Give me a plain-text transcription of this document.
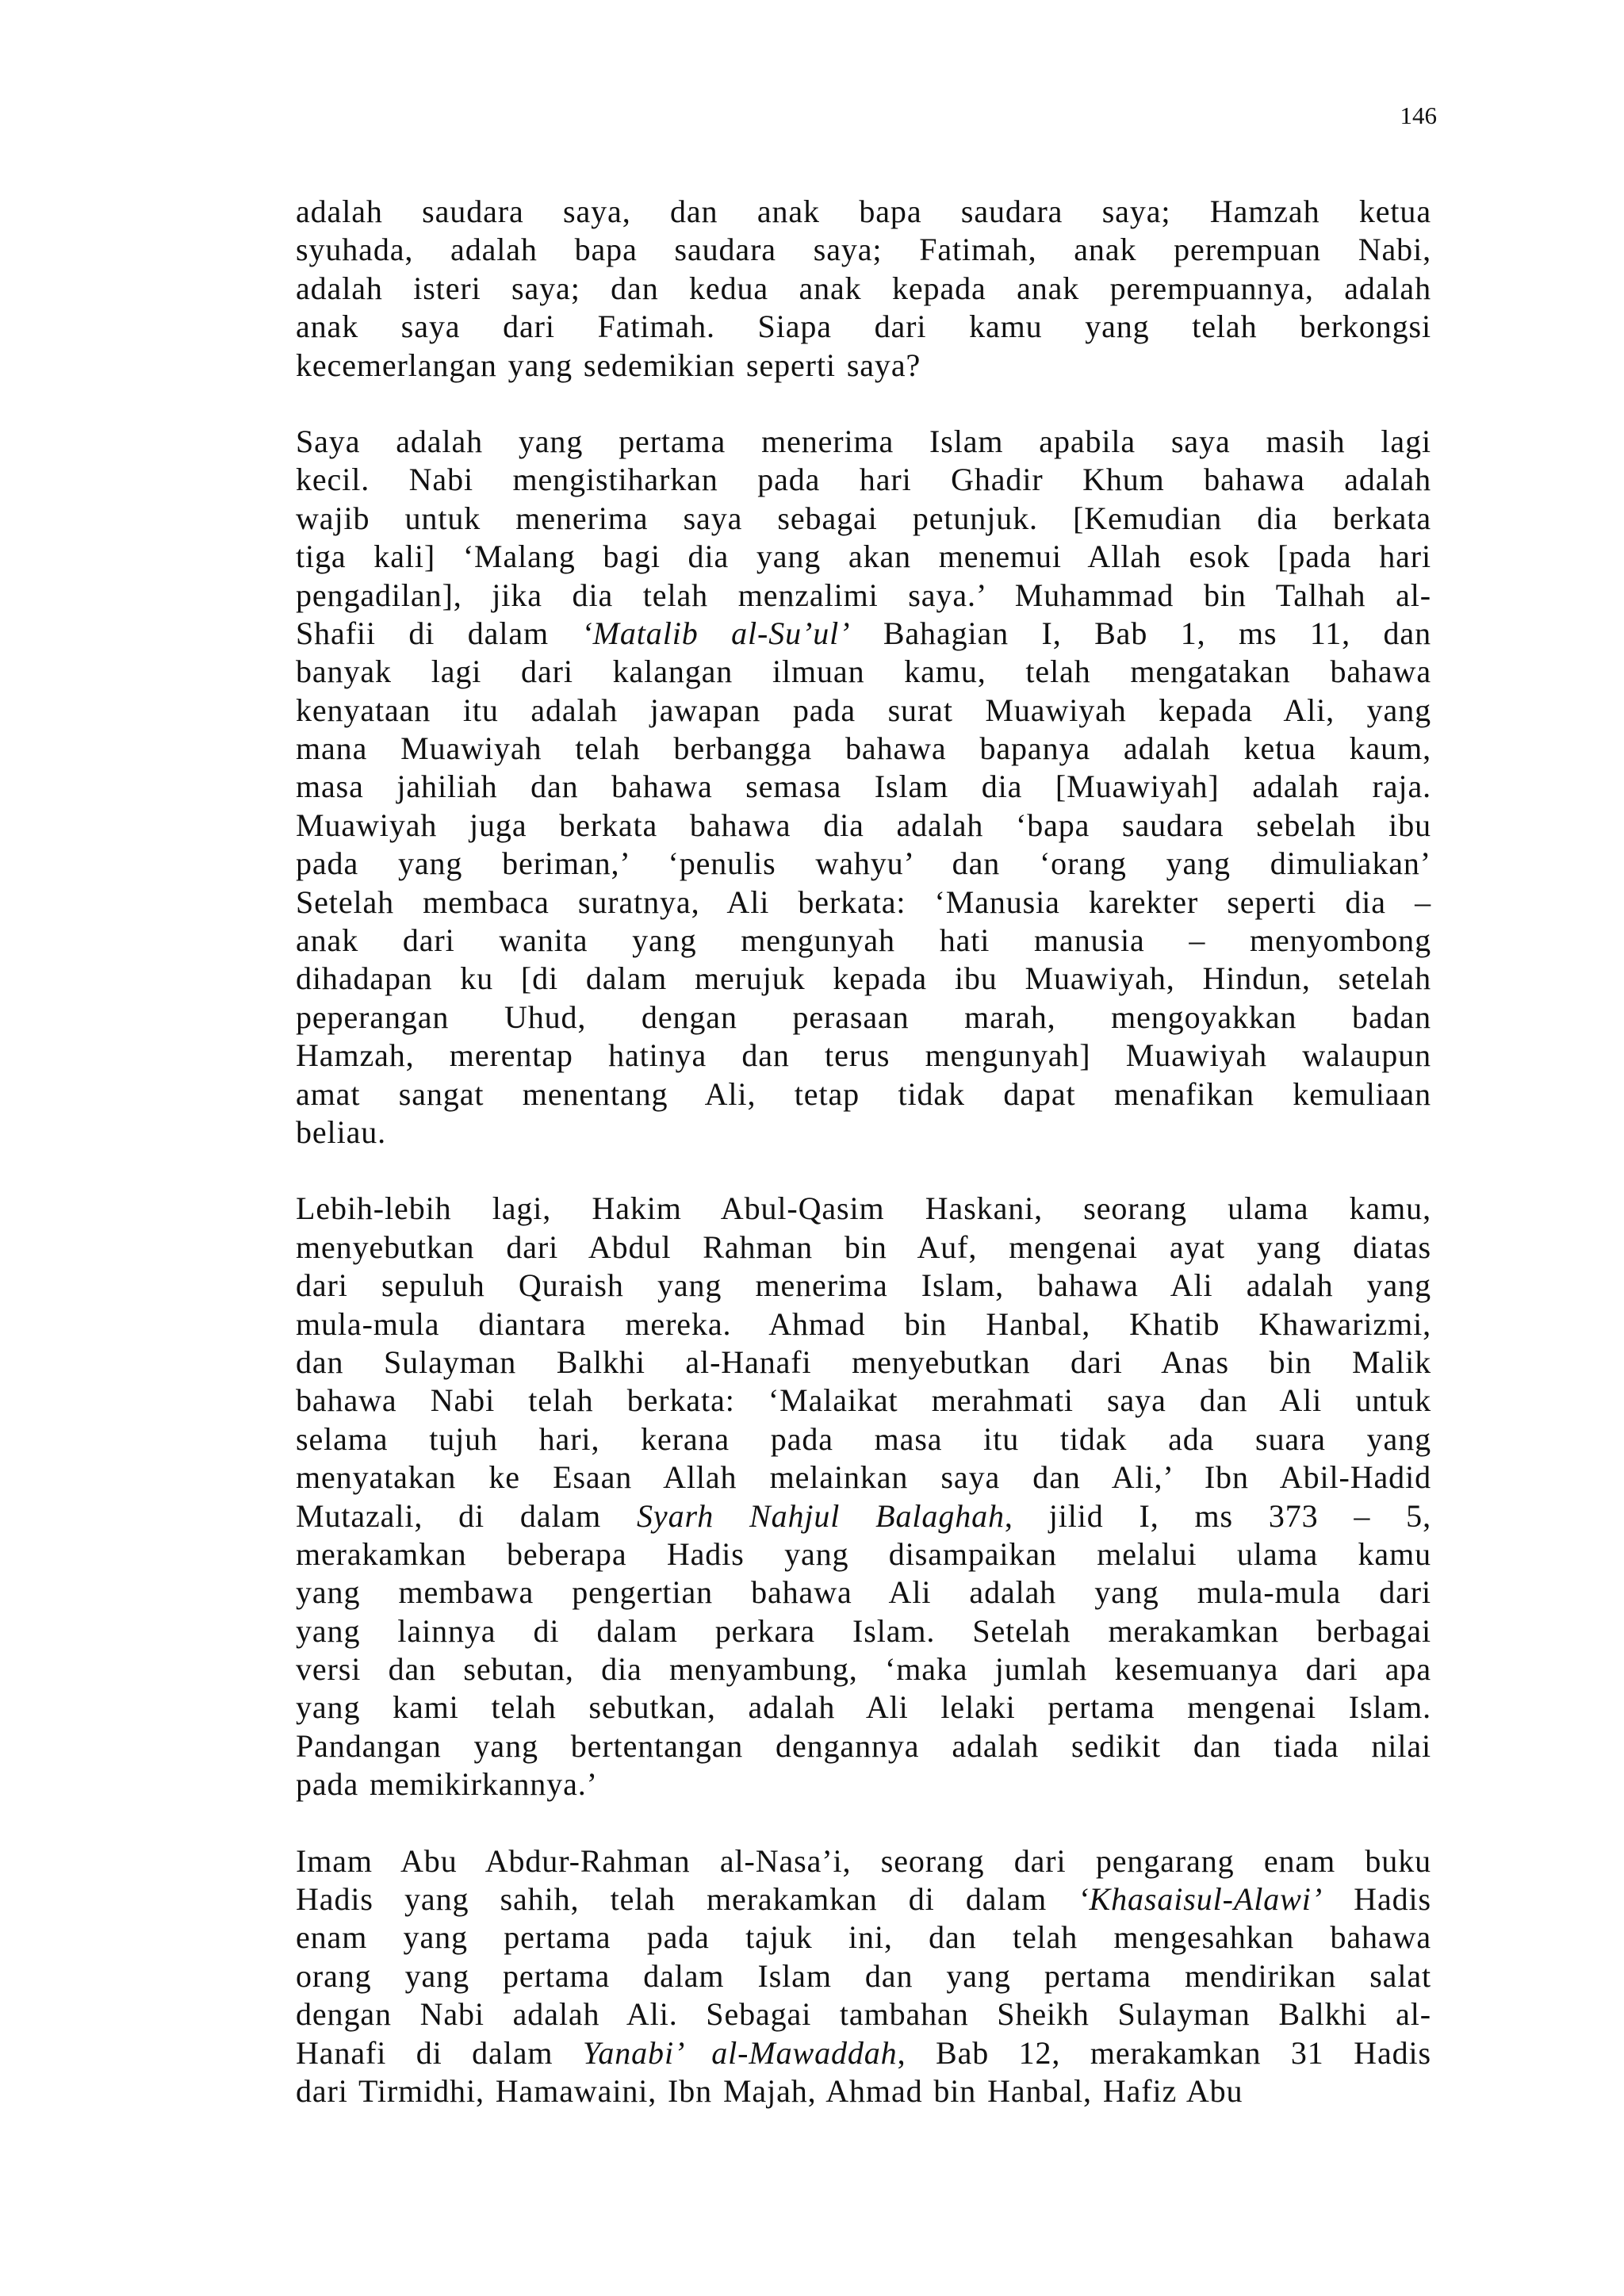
146
adalah saudara saya, dan anak bapa saudara saya; Hamzah ketua
syuhada, adalah bapa saudara saya; Fatimah, anak perempuan Nabi,
adalah isteri saya; dan kedua anak kepada anak perempuannya, adalah
anak saya dari Fatimah. Siapa dari kamu yang telah berkongsi
kecemerlangan yang sedemikian seperti saya?
Saya adalah yang pertama menerima Islam apabila saya masih lagi
kecil. Nabi mengistiharkan pada hari Ghadir Khum bahawa adalah
wajib untuk menerima saya sebagai petunjuk. [Kemudian dia berkata
tiga kali] ‘Malang bagi dia yang akan menemui Allah esok [pada hari
pengadilan], jika dia telah menzalimi saya.’ Muhammad bin Talhah al-
Shafii di dalam ‘Matalib al-Su’ul’ Bahagian I, Bab 1, ms 11, dan
banyak lagi dari kalangan ilmuan kamu, telah mengatakan bahawa
kenyataan itu adalah jawapan pada surat Muawiyah kepada Ali, yang
mana Muawiyah telah berbangga bahawa bapanya adalah ketua kaum,
masa jahiliah dan bahawa semasa Islam dia [Muawiyah] adalah raja.
Muawiyah juga berkata bahawa dia adalah ‘bapa saudara sebelah ibu
pada yang beriman,’ ‘penulis wahyu’ dan ‘orang yang dimuliakan’
Setelah membaca suratnya, Ali berkata: ‘Manusia karekter seperti dia –
anak dari wanita yang mengunyah hati manusia – menyombong
dihadapan ku [di dalam merujuk kepada ibu Muawiyah, Hindun, setelah
peperangan Uhud, dengan perasaan marah, mengoyakkan badan
Hamzah, merentap hatinya dan terus mengunyah] Muawiyah walaupun
amat sangat menentang Ali, tetap tidak dapat menafikan kemuliaan
beliau.
Lebih-lebih lagi, Hakim Abul-Qasim Haskani, seorang ulama kamu,
menyebutkan dari Abdul Rahman bin Auf, mengenai ayat yang diatas
dari sepuluh Quraish yang menerima Islam, bahawa Ali adalah yang
mula-mula diantara mereka. Ahmad bin Hanbal, Khatib Khawarizmi,
dan Sulayman Balkhi al-Hanafi menyebutkan dari Anas bin Malik
bahawa Nabi telah berkata: ‘Malaikat merahmati saya dan Ali untuk
selama tujuh hari, kerana pada masa itu tidak ada suara yang
menyatakan ke Esaan Allah melainkan saya dan Ali,’ Ibn Abil-Hadid
Mutazali, di dalam Syarh Nahjul Balaghah, jilid I, ms 373 – 5,
merakamkan beberapa Hadis yang disampaikan melalui ulama kamu
yang membawa pengertian bahawa Ali adalah yang mula-mula dari
yang lainnya di dalam perkara Islam. Setelah merakamkan berbagai
versi dan sebutan, dia menyambung, ‘maka jumlah kesemuanya dari apa
yang kami telah sebutkan, adalah Ali lelaki pertama mengenai Islam.
Pandangan yang bertentangan dengannya adalah sedikit dan tiada nilai
pada memikirkannya.’
Imam Abu Abdur-Rahman al-Nasa’i, seorang dari pengarang enam buku
Hadis yang sahih, telah merakamkan di dalam ‘Khasaisul-Alawi’ Hadis
enam yang pertama pada tajuk ini, dan telah mengesahkan bahawa
orang yang pertama dalam Islam dan yang pertama mendirikan salat
dengan Nabi adalah Ali. Sebagai tambahan Sheikh Sulayman Balkhi al-
Hanafi di dalam Yanabi’ al-Mawaddah, Bab 12, merakamkan 31 Hadis
dari Tirmidhi, Hamawaini, Ibn Majah, Ahmad bin Hanbal, Hafiz Abu
